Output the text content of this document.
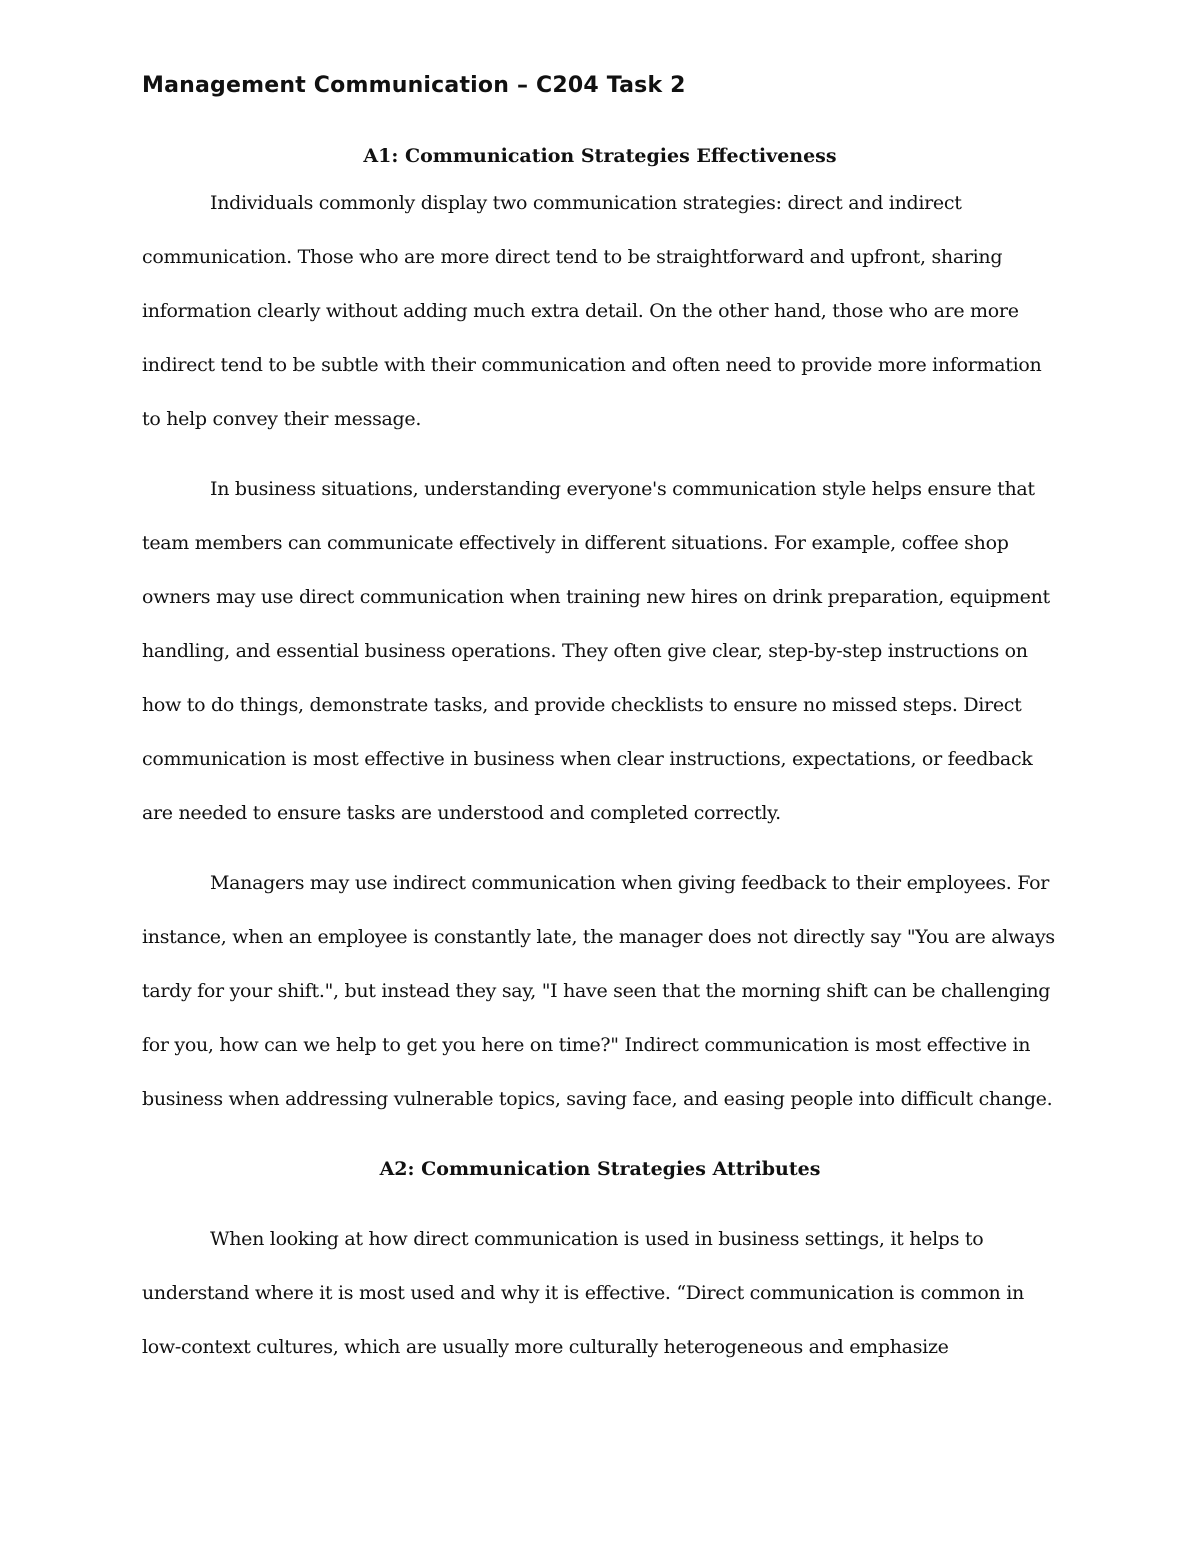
Management Communication – C204 Task 2
A1: Communication Strategies Effectiveness
Individuals commonly display two communication strategies: direct and indirect
communication. Those who are more direct tend to be straightforward and upfront, sharing
information clearly without adding much extra detail. On the other hand, those who are more
indirect tend to be subtle with their communication and often need to provide more information
to help convey their message.
In business situations, understanding everyone's communication style helps ensure that
team members can communicate effectively in different situations. For example, coffee shop
owners may use direct communication when training new hires on drink preparation, equipment
handling, and essential business operations. They often give clear, step-by-step instructions on
how to do things, demonstrate tasks, and provide checklists to ensure no missed steps. Direct
communication is most effective in business when clear instructions, expectations, or feedback
are needed to ensure tasks are understood and completed correctly.
Managers may use indirect communication when giving feedback to their employees. For
instance, when an employee is constantly late, the manager does not directly say "You are always
tardy for your shift.", but instead they say, "I have seen that the morning shift can be challenging
for you, how can we help to get you here on time?" Indirect communication is most effective in
business when addressing vulnerable topics, saving face, and easing people into difficult change.
A2: Communication Strategies Attributes
When looking at how direct communication is used in business settings, it helps to
understand where it is most used and why it is effective. “Direct communication is common in
low-context cultures, which are usually more culturally heterogeneous and emphasize
